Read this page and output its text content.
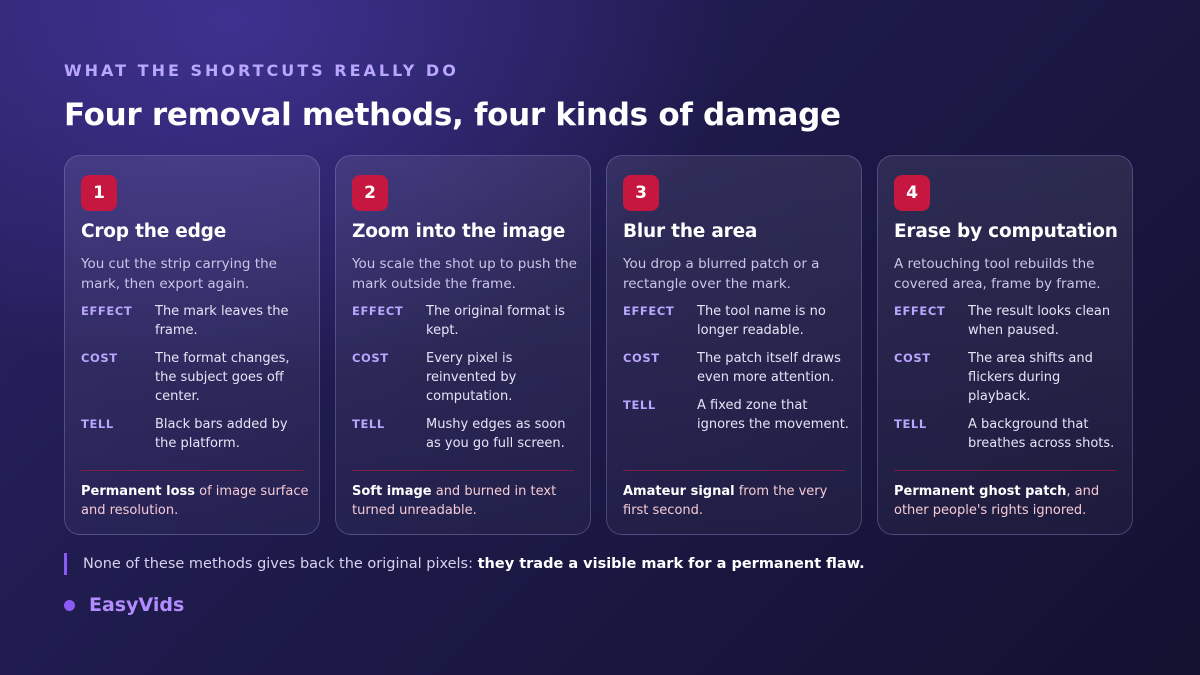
WHAT THE SHORTCUTS REALLY DO
Four removal methods, four kinds of damage
1
Crop the edge
You cut the strip carrying the mark, then export again.
EFFECT	The mark leaves the frame.
COST	The format changes, the subject goes off center.
TELL	Black bars added by the platform.
Permanent loss of image surface and resolution.
2
Zoom into the image
You scale the shot up to push the mark outside the frame.
EFFECT	The original format is kept.
COST	Every pixel is reinvented by computation.
TELL	Mushy edges as soon as you go full screen.
Soft image and burned in text turned unreadable.
3
Blur the area
You drop a blurred patch or a rectangle over the mark.
EFFECT	The tool name is no longer readable.
COST	The patch itself draws even more attention.
TELL	A fixed zone that ignores the movement.
Amateur signal from the very first second.
4
Erase by computation
A retouching tool rebuilds the covered area, frame by frame.
EFFECT	The result looks clean when paused.
COST	The area shifts and flickers during playback.
TELL	A background that breathes across shots.
Permanent ghost patch, and other people's rights ignored.
None of these methods gives back the original pixels: they trade a visible mark for a permanent flaw.
EasyVids
